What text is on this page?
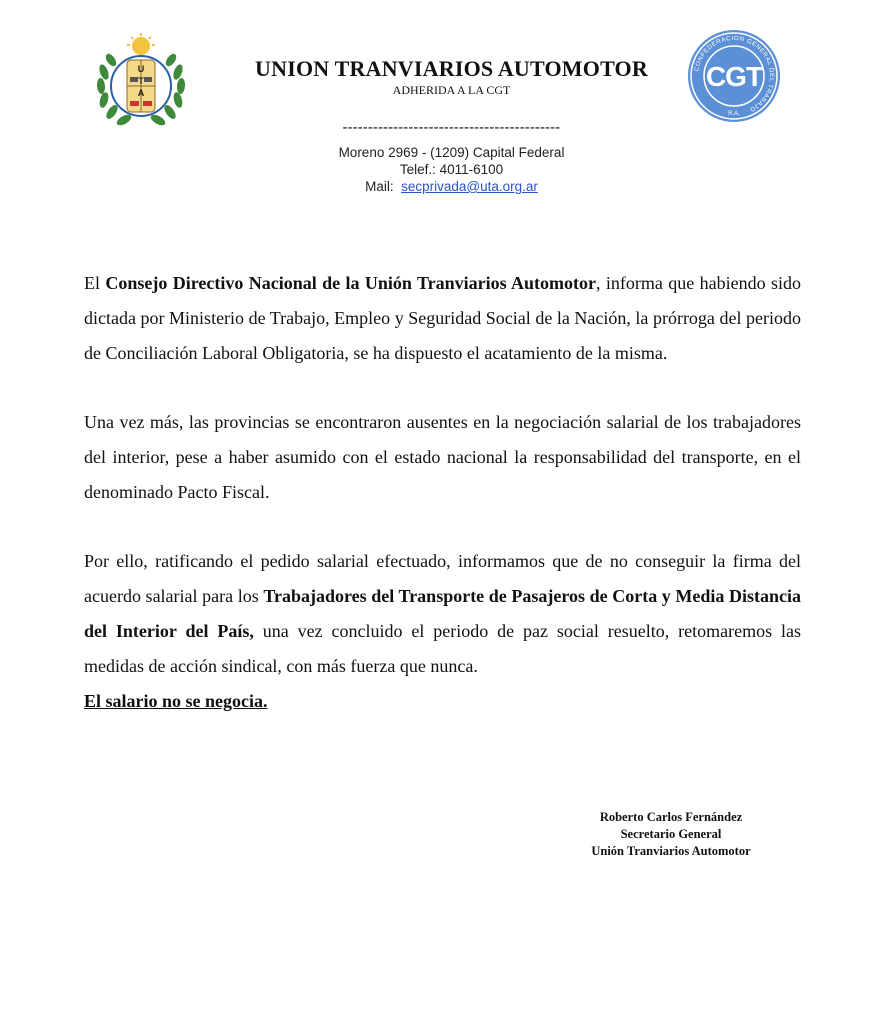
U
T
A
CONFEDERACION GENERAL DEL TRABAJO
CGT
R.A.
UNION TRANVIARIOS AUTOMOTOR
ADHERIDA A LA CGT
-------------------------------------------
Moreno 2969 - (1209) Capital Federal
Telef.: 4011-6100
Mail: secprivada@uta.org.ar

El Consejo Directivo Nacional de la Unión Tranviarios Automotor, informa que habiendo sido dictada por Ministerio de Trabajo, Empleo y Seguridad Social de la Nación, la prórroga del periodo de Conciliación Laboral Obligatoria, se ha dispuesto el acatamiento de la misma.

Una vez más, las provincias se encontraron ausentes en la negociación salarial de los trabajadores del interior, pese a haber asumido con el estado nacional la responsabilidad del transporte, en el denominado Pacto Fiscal.

Por ello, ratificando el pedido salarial efectuado, informamos que de no conseguir la firma del acuerdo salarial para los Trabajadores del Transporte de Pasajeros de Corta y Media Distancia del Interior del País, una vez concluido el periodo de paz social resuelto, retomaremos las medidas de acción sindical, con más fuerza que nunca.
El salario no se negocia.

Roberto Carlos Fernández
Secretario General
Unión Tranviarios Automotor
